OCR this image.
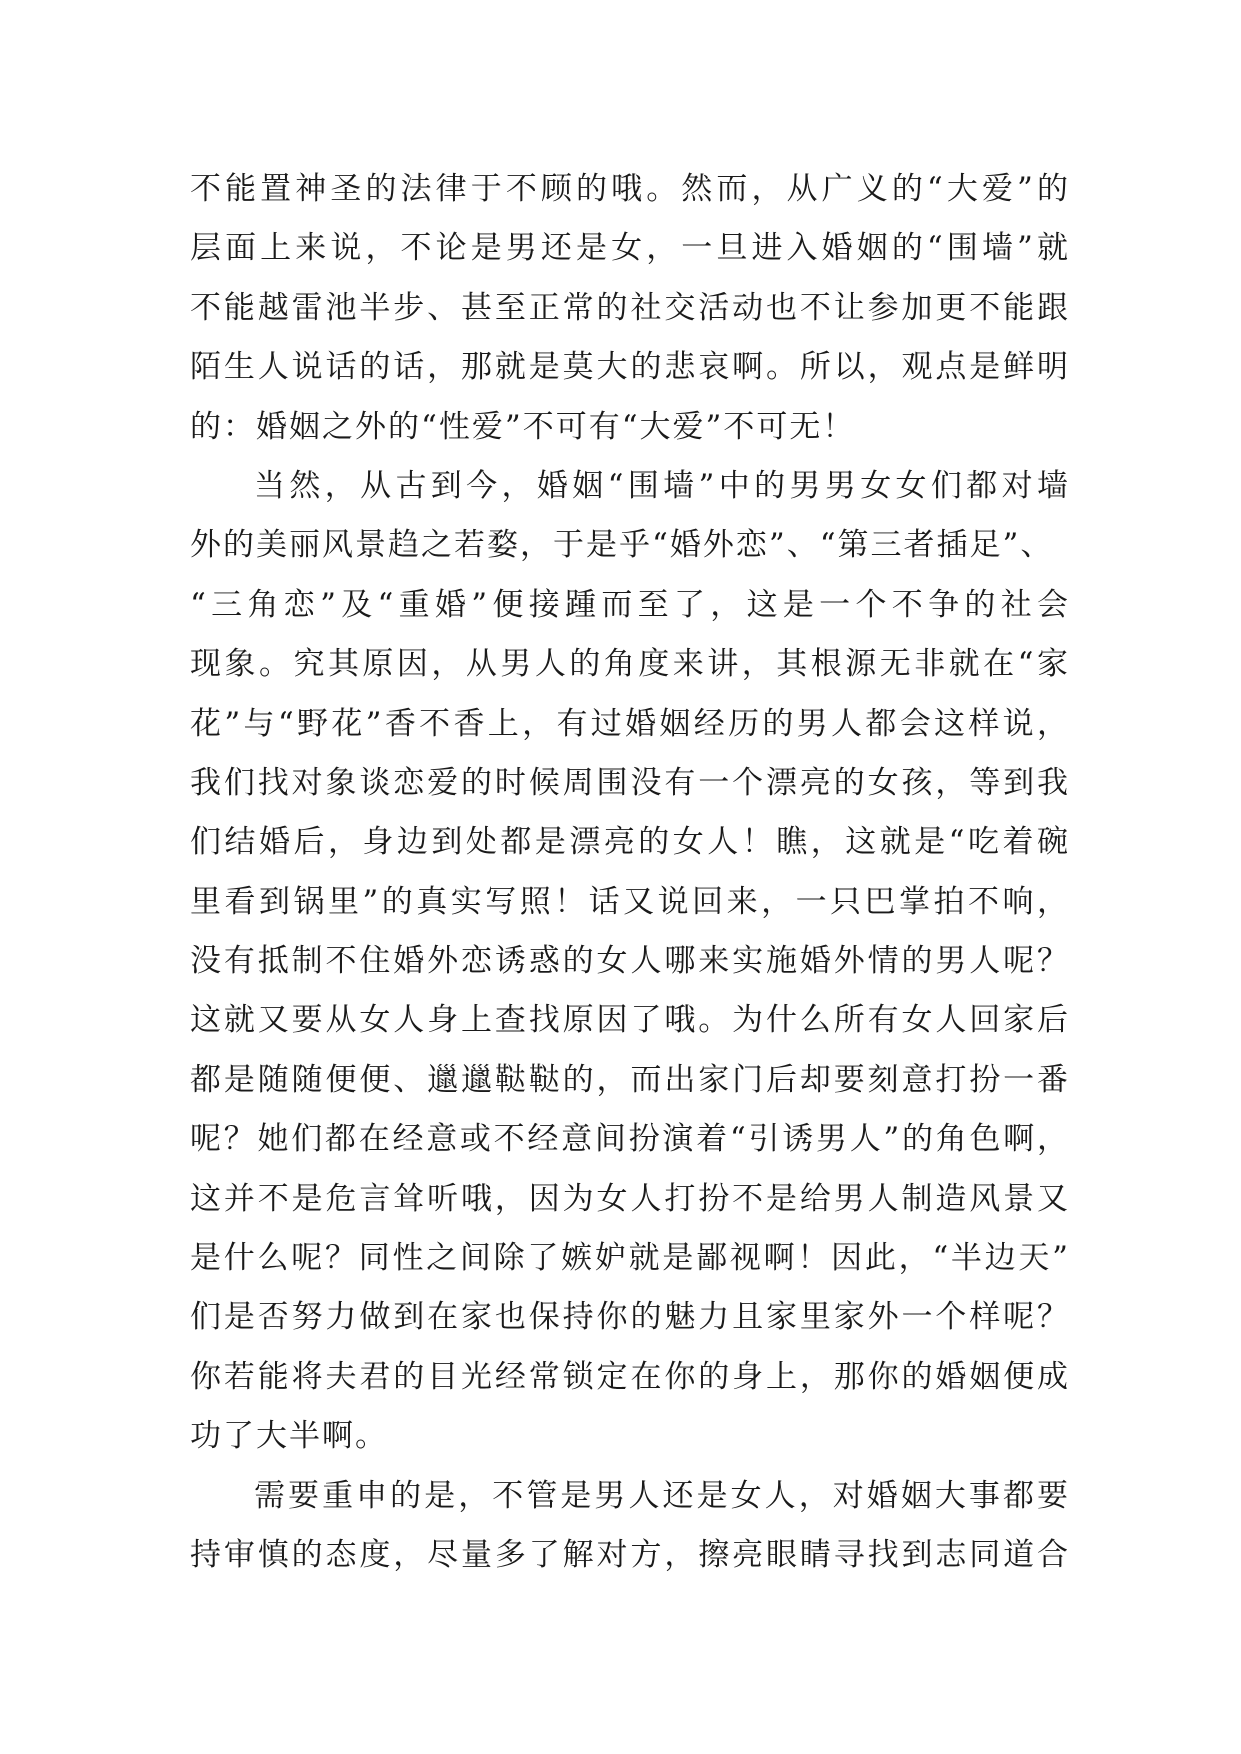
不能置神圣的法律于不顾的哦。然而，从广义的“大爱”的
层面上来说，不论是男还是女，一旦进入婚姻的“围墙”就
不能越雷池半步、甚至正常的社交活动也不让参加更不能跟
陌生人说话的话，那就是莫大的悲哀啊。所以，观点是鲜明
的：婚姻之外的“性爱”不可有“大爱”不可无！
当然，从古到今，婚姻“围墙”中的男男女女们都对墙
外的美丽风景趋之若婺，于是乎“婚外恋”、“第三者插足”、
“三角恋”及“重婚”便接踵而至了，这是一个不争的社会
现象。究其原因，从男人的角度来讲，其根源无非就在“家
花”与“野花”香不香上，有过婚姻经历的男人都会这样说，
我们找对象谈恋爱的时候周围没有一个漂亮的女孩，等到我
们结婚后，身边到处都是漂亮的女人！瞧，这就是“吃着碗
里看到锅里”的真实写照！话又说回来，一只巴掌拍不响，
没有抵制不住婚外恋诱惑的女人哪来实施婚外情的男人呢？
这就又要从女人身上查找原因了哦。为什么所有女人回家后
都是随随便便、邋邋鞑鞑的，而出家门后却要刻意打扮一番
呢？她们都在经意或不经意间扮演着“引诱男人”的角色啊，
这并不是危言耸听哦，因为女人打扮不是给男人制造风景又
是什么呢？同性之间除了嫉妒就是鄙视啊！因此，“半边天”
们是否努力做到在家也保持你的魅力且家里家外一个样呢？
你若能将夫君的目光经常锁定在你的身上，那你的婚姻便成
功了大半啊。
需要重申的是，不管是男人还是女人，对婚姻大事都要
持审慎的态度，尽量多了解对方，擦亮眼睛寻找到志同道合
